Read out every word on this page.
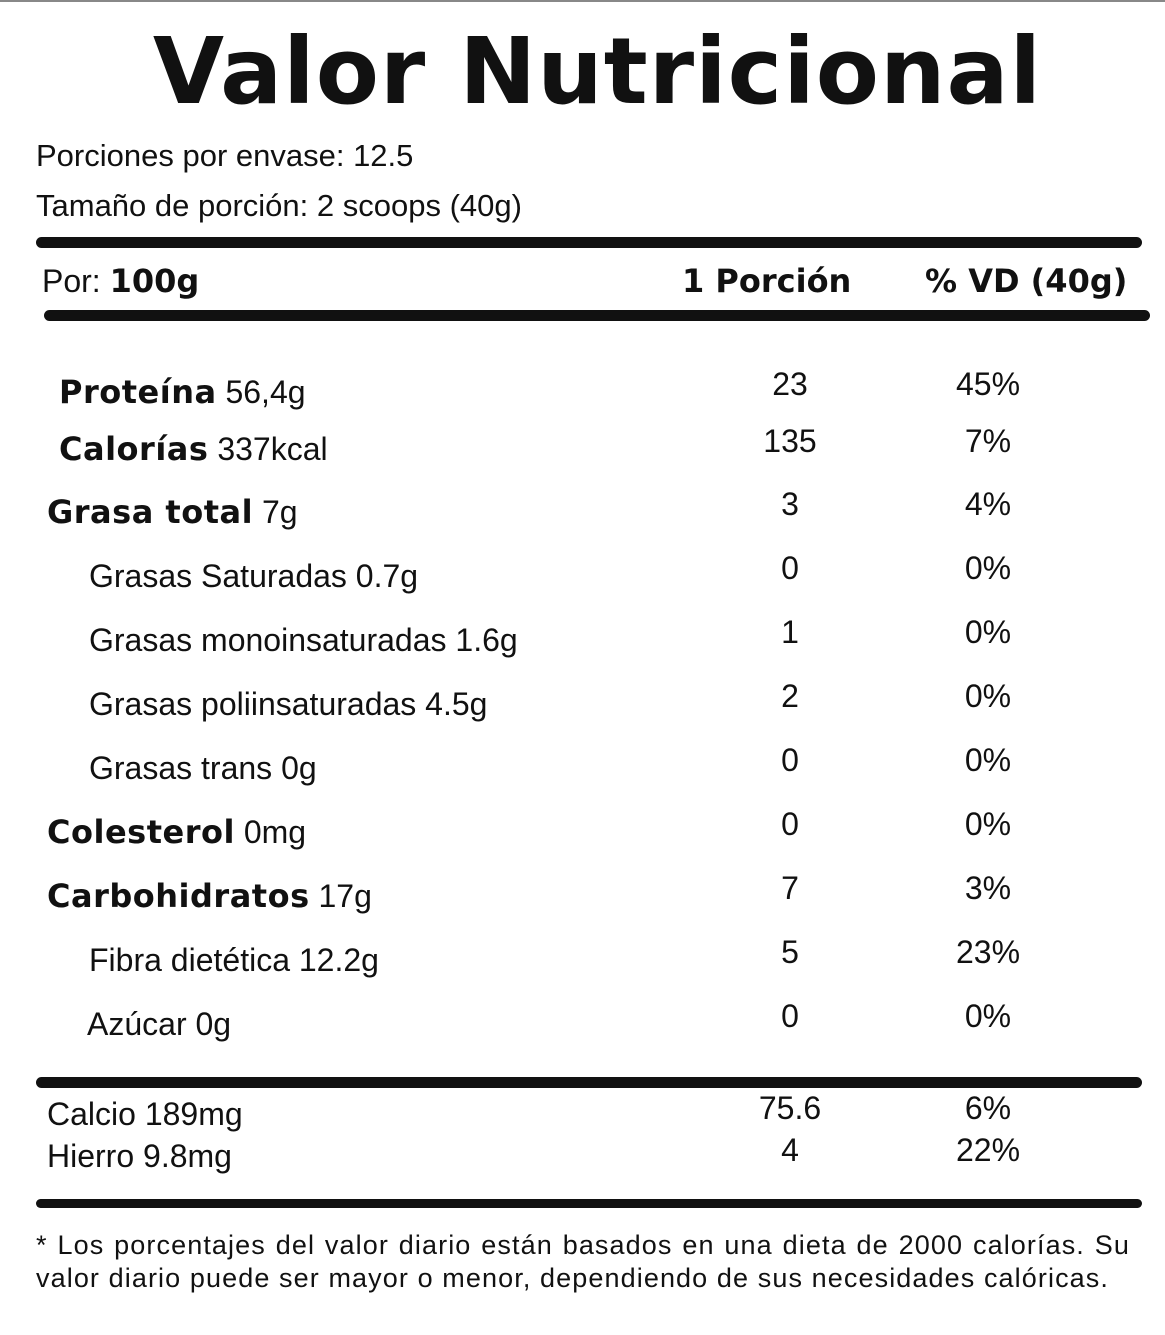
Valor Nutricional
Porciones por envase: 12.5
Tamaño de porción: 2 scoops (40g)
Por: 100g	1 Porción % VD (40g)
Proteína 56,4g	23	45%
Calorías 337kcal	135	7%
Grasa total 7g	3	4%
Grasas Saturadas 0.7g	0	0%
Grasas monoinsaturadas 1.6g	1	0%
Grasas poliinsaturadas 4.5g	2	0%
Grasas trans 0g	0	0%
Colesterol 0mg	0	0%
Carbohidratos 17g	7	3%
Fibra dietética 12.2g	5	23%
Azúcar 0g	0	0%
Calcio 189mg	75.6	6%
Hierro 9.8mg	4	22%
* Los porcentajes del valor diario están basados en una dieta de 2000 calorías. Su valor diario puede ser mayor o menor, dependiendo de sus necesidades calóricas.
